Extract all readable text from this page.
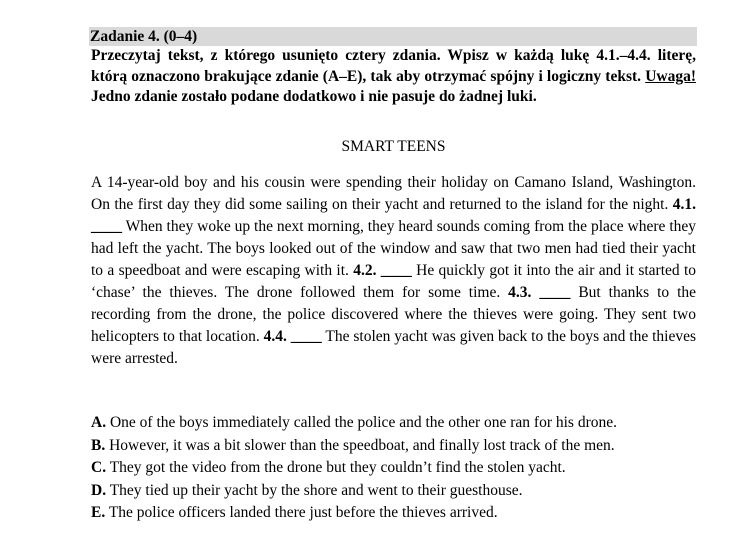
Zadanie 4. (0–4)
Przeczytaj tekst, z którego usunięto cztery zdania. Wpisz w każdą lukę 4.1.–4.4. literę, którą oznaczono brakujące zdanie (A–E), tak aby otrzymać spójny i logiczny tekst. Uwaga! Jedno zdanie zostało podane dodatkowo i nie pasuje do żadnej luki.
SMART TEENS
A 14-year-old boy and his cousin were spending their holiday on Camano Island, Washington. On the first day they did some sailing on their yacht and returned to the island for the night. 4.1. ____ When they woke up the next morning, they heard sounds coming from the place where they had left the yacht. The boys looked out of the window and saw that two men had tied their yacht to a speedboat and were escaping with it. 4.2. ____ He quickly got it into the air and it started to ‘chase’ the thieves. The drone followed them for some time. 4.3. ____ But thanks to the recording from the drone, the police discovered where the thieves were going. They sent two helicopters to that location. 4.4. ____ The stolen yacht was given back to the boys and the thieves were arrested.
A. One of the boys immediately called the police and the other one ran for his drone.
B. However, it was a bit slower than the speedboat, and finally lost track of the men.
C. They got the video from the drone but they couldn’t find the stolen yacht.
D. They tied up their yacht by the shore and went to their guesthouse.
E. The police officers landed there just before the thieves arrived.
